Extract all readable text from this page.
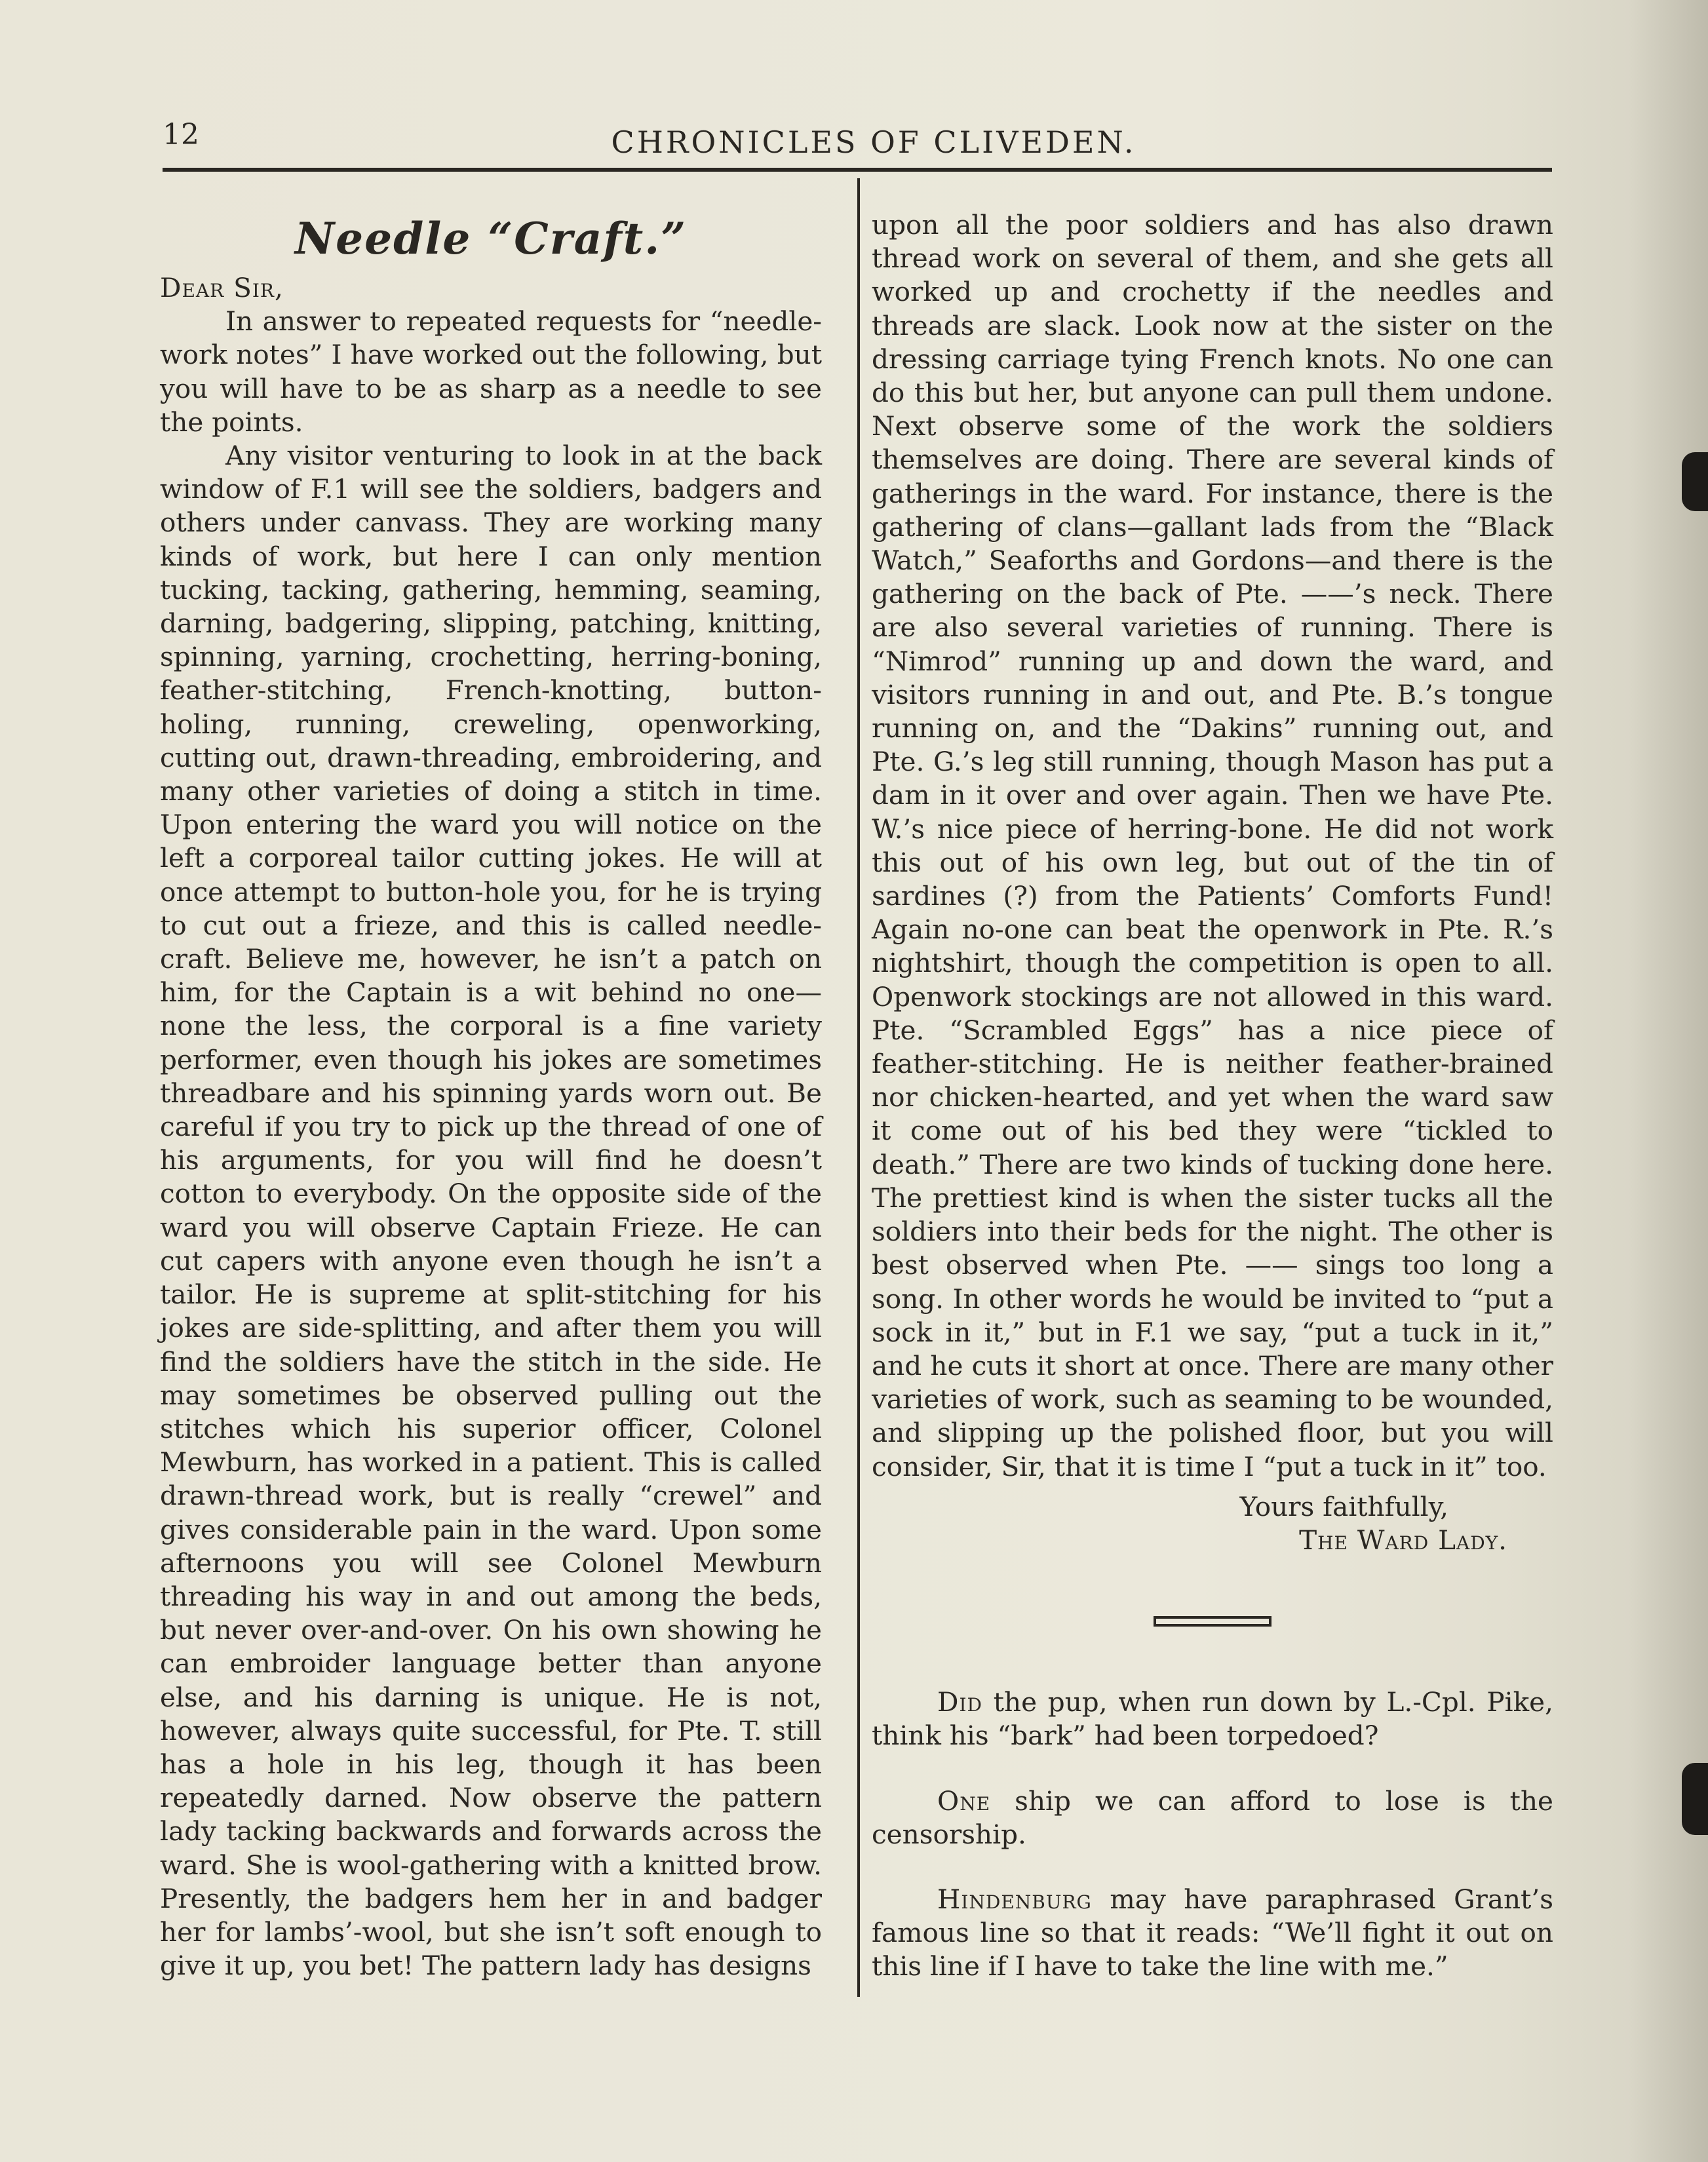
12	CHRONICLES OF CLIVEDEN.
Needle “Craft.”

Dear Sir,

In answer to repeated requests for “needle-work notes” I have worked out the following, but you will have to be as sharp as a needle to see the points.

Any visitor venturing to look in at the back window of F.1 will see the soldiers, badgers and others under canvass. They are working many kinds of work, but here I can only mention tucking, tacking, gathering, hemming, seaming, darning, badgering, slipping, patching, knitting, spinning, yarning, crochetting, herring-boning, feather-stitching, French-knotting, button-holing, running, creweling, openworking, cutting out, drawn-threading, embroidering, and many other varieties of doing a stitch in time. Upon entering the ward you will notice on the left a corporeal tailor cutting jokes. He will at once attempt to button-hole you, for he is trying to cut out a frieze, and this is called needle-craft. Believe me, however, he isn’t a patch on him, for the Captain is a wit behind no one—none the less, the corporal is a fine variety performer, even though his jokes are sometimes threadbare and his spinning yards worn out. Be careful if you try to pick up the thread of one of his arguments, for you will find he doesn’t cotton to everybody. On the opposite side of the ward you will observe Captain Frieze. He can cut capers with anyone even though he isn’t a tailor. He is supreme at split-stitching for his jokes are side-splitting, and after them you will find the soldiers have the stitch in the side. He may sometimes be observed pulling out the stitches which his superior officer, Colonel Mewburn, has worked in a patient. This is called drawn-thread work, but is really “crewel” and gives considerable pain in the ward. Upon some afternoons you will see Colonel Mewburn threading his way in and out among the beds, but never over-and-over. On his own showing he can embroider language better than anyone else, and his darning is unique. He is not, however, always quite successful, for Pte. T. still has a hole in his leg, though it has been repeatedly darned. Now observe the pattern lady tacking backwards and forwards across the ward. She is wool-gathering with a knitted brow. Presently, the badgers hem her in and badger her for lambs’-wool, but she isn’t soft enough to give it up, you bet! The pattern lady has designs

upon all the poor soldiers and has also drawn thread work on several of them, and she gets all worked up and crochetty if the needles and threads are slack. Look now at the sister on the dressing carriage tying French knots. No one can do this but her, but anyone can pull them undone. Next observe some of the work the soldiers themselves are doing. There are several kinds of gatherings in the ward. For instance, there is the gathering of clans—gallant lads from the “Black Watch,” Seaforths and Gordons—and there is the gathering on the back of Pte. ——’s neck. There are also several varieties of running. There is “Nimrod” running up and down the ward, and visitors running in and out, and Pte. B.’s tongue running on, and the “Dakins” running out, and Pte. G.’s leg still running, though Mason has put a dam in it over and over again. Then we have Pte. W.’s nice piece of herring-bone. He did not work this out of his own leg, but out of the tin of sardines (?) from the Patients’ Comforts Fund! Again no-one can beat the openwork in Pte. R.’s nightshirt, though the competition is open to all. Openwork stockings are not allowed in this ward. Pte. “Scrambled Eggs” has a nice piece of feather-stitching. He is neither feather-brained nor chicken-hearted, and yet when the ward saw it come out of his bed they were “tickled to death.” There are two kinds of tucking done here. The prettiest kind is when the sister tucks all the soldiers into their beds for the night. The other is best observed when Pte. —— sings too long a song. In other words he would be invited to “put a sock in it,” but in F.1 we say, “put a tuck in it,” and he cuts it short at once. There are many other varieties of work, such as seaming to be wounded, and slipping up the polished floor, but you will consider, Sir, that it is time I “put a tuck in it” too.

Yours faithfully,

The Ward Lady.

Did the pup, when run down by L.-Cpl. Pike, think his “bark” had been torpedoed?

One ship we can afford to lose is the censorship.

Hindenburg may have paraphrased Grant’s famous line so that it reads: “We’ll fight it out on this line if I have to take the line with me.”
